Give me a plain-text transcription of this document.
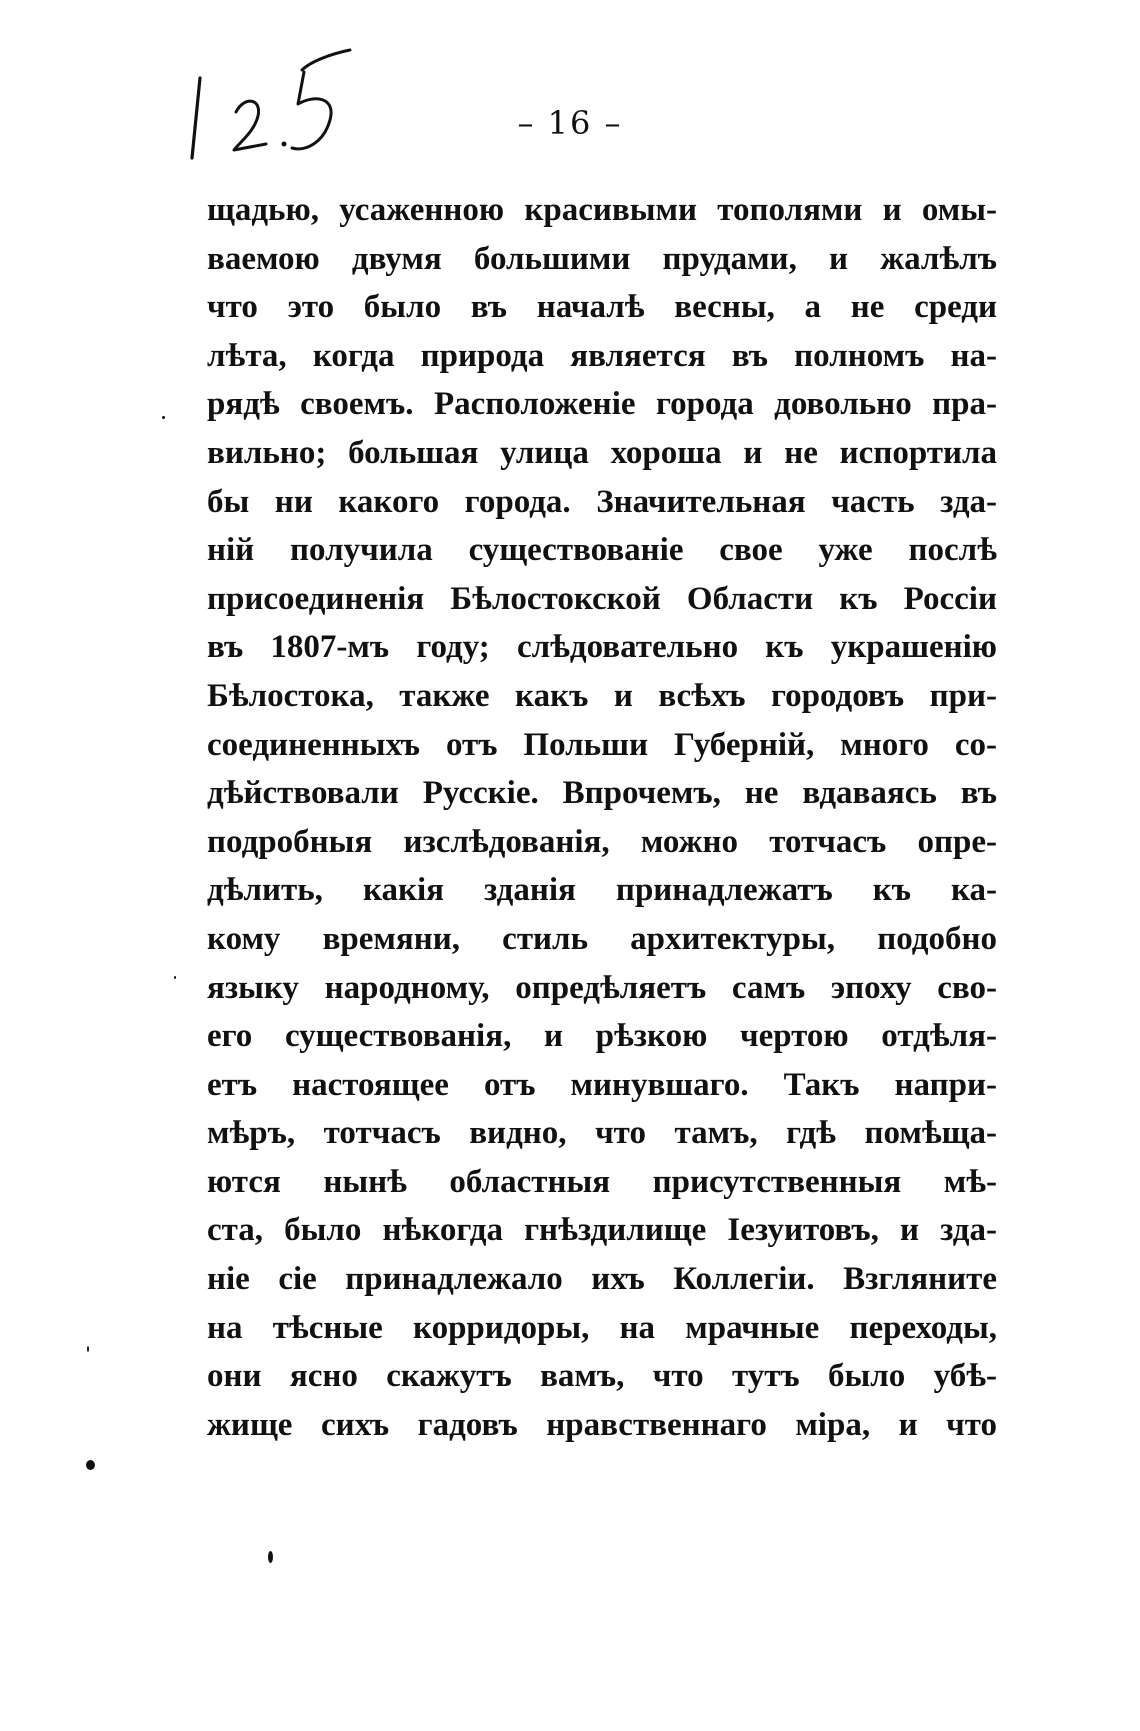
– 16 –
щадью, усаженною красивыми тополями и омы-
ваемою двумя большими прудами, и жалѣлъ
что это было въ началѣ весны, а не среди
лѣта, когда природа является въ полномъ на-
рядѣ своемъ. Расположеніе города довольно пра-
вильно; большая улица хороша и не испортила
бы ни какого города. Значительная часть зда-
ній получила существованіе свое уже послѣ
присоединенія Бѣлостокской Области къ Россіи
въ 1807-мъ году; слѣдовательно къ украшенію
Бѣлостока, также какъ и всѣхъ городовъ при-
соединенныхъ отъ Польши Губерній, много со-
дѣйствовали Русскіе. Впрочемъ, не вдаваясь въ
подробныя изслѣдованія, можно тотчасъ опре-
дѣлить, какія зданія принадлежатъ къ ка-
кому времяни, стиль архитектуры, подобно
языку народному, опредѣляетъ самъ эпоху сво-
его существованія, и рѣзкою чертою отдѣля-
етъ настоящее отъ минувшаго. Такъ напри-
мѣръ, тотчасъ видно, что тамъ, гдѣ помѣща-
ются нынѣ областныя присутственныя мѣ-
ста, было нѣкогда гнѣздилище Іезуитовъ, и зда-
ніе сіе принадлежало ихъ Коллегіи. Взгляните
на тѣсные корридоры, на мрачные переходы,
они ясно скажутъ вамъ, что тутъ было убѣ-
жище сихъ гадовъ нравственнаго міра, и что
